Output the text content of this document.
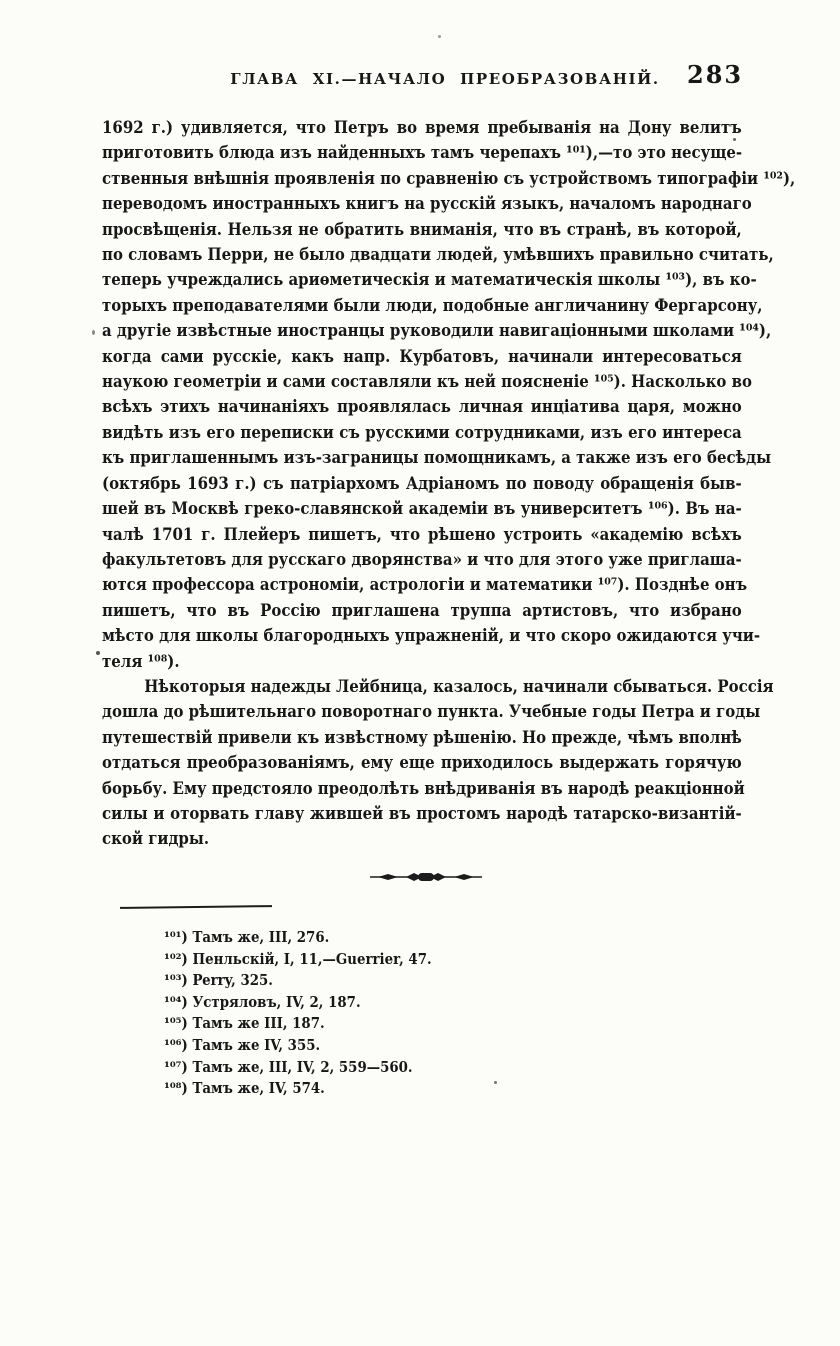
ГЛАВА XI.—НАЧАЛО ПРЕОБРАЗОВАНІЙ.	283
1692 г.) удивляется, что Петръ во время пребыванія на Дону велитъ
приготовить блюда изъ найденныхъ тамъ черепахъ ¹⁰¹),—то это несуще-
ственныя внѣшнія проявленія по сравненію съ устройствомъ типографіи ¹⁰²),
переводомъ иностранныхъ книгъ на русскій языкъ, началомъ народнаго
просвѣщенія. Нельзя не обратить вниманія, что въ странѣ, въ которой,
по словамъ Перри, не было двадцати людей, умѣвшихъ правильно считать,
теперь учреждались ариѳметическія и математическія школы ¹⁰³), въ ко-
торыхъ преподавателями были люди, подобные англичанину Фергарсону,
а другіе извѣстные иностранцы руководили навигаціонными школами ¹⁰⁴),
когда сами русскіе, какъ напр. Курбатовъ, начинали интересоваться
наукою геометріи и сами составляли къ ней поясненіе ¹⁰⁵). Насколько во
всѣхъ этихъ начинаніяхъ проявлялась личная инціатива царя, можно
видѣть изъ его переписки съ русскими сотрудниками, изъ его интереса
къ приглашеннымъ изъ-заграницы помощникамъ, а также изъ его бесѣды
(октябрь 1693 г.) съ патріархомъ Адріаномъ по поводу обращенія быв-
шей въ Москвѣ греко-славянской академіи въ университетъ ¹⁰⁶). Въ на-
чалѣ 1701 г. Плейеръ пишетъ, что рѣшено устроить «академію всѣхъ
факультетовъ для русскаго дворянства» и что для этого уже приглаша-
ются профессора астрономіи, астрологіи и математики ¹⁰⁷). Позднѣе онъ
пишетъ, что въ Россію приглашена труппа артистовъ, что избрано
мѣсто для школы благородныхъ упражненій, и что скоро ожидаются учи-
теля ¹⁰⁸).
Нѣкоторыя надежды Лейбница, казалось, начинали сбываться. Россія
дошла до рѣшительнаго поворотнаго пункта. Учебные годы Петра и годы
путешествій привели къ извѣстному рѣшенію. Но прежде, чѣмъ вполнѣ
отдаться преобразованіямъ, ему еще приходилось выдержать горячую
борьбу. Ему предстояло преодолѣть внѣдриванія въ народѣ реакціонной
силы и оторвать главу жившей въ простомъ народѣ татарско-византій-
ской гидры.
¹⁰¹) Тамъ же, III, 276.
¹⁰²) Пенльскій, I, 11,—Guerrier, 47.
¹⁰³) Perry, 325.
¹⁰⁴) Устряловъ, IV, 2, 187.
¹⁰⁵) Тамъ же III, 187.
¹⁰⁶) Тамъ же IV, 355.
¹⁰⁷) Тамъ же, III, IV, 2, 559—560.
¹⁰⁸) Тамъ же, IV, 574.
